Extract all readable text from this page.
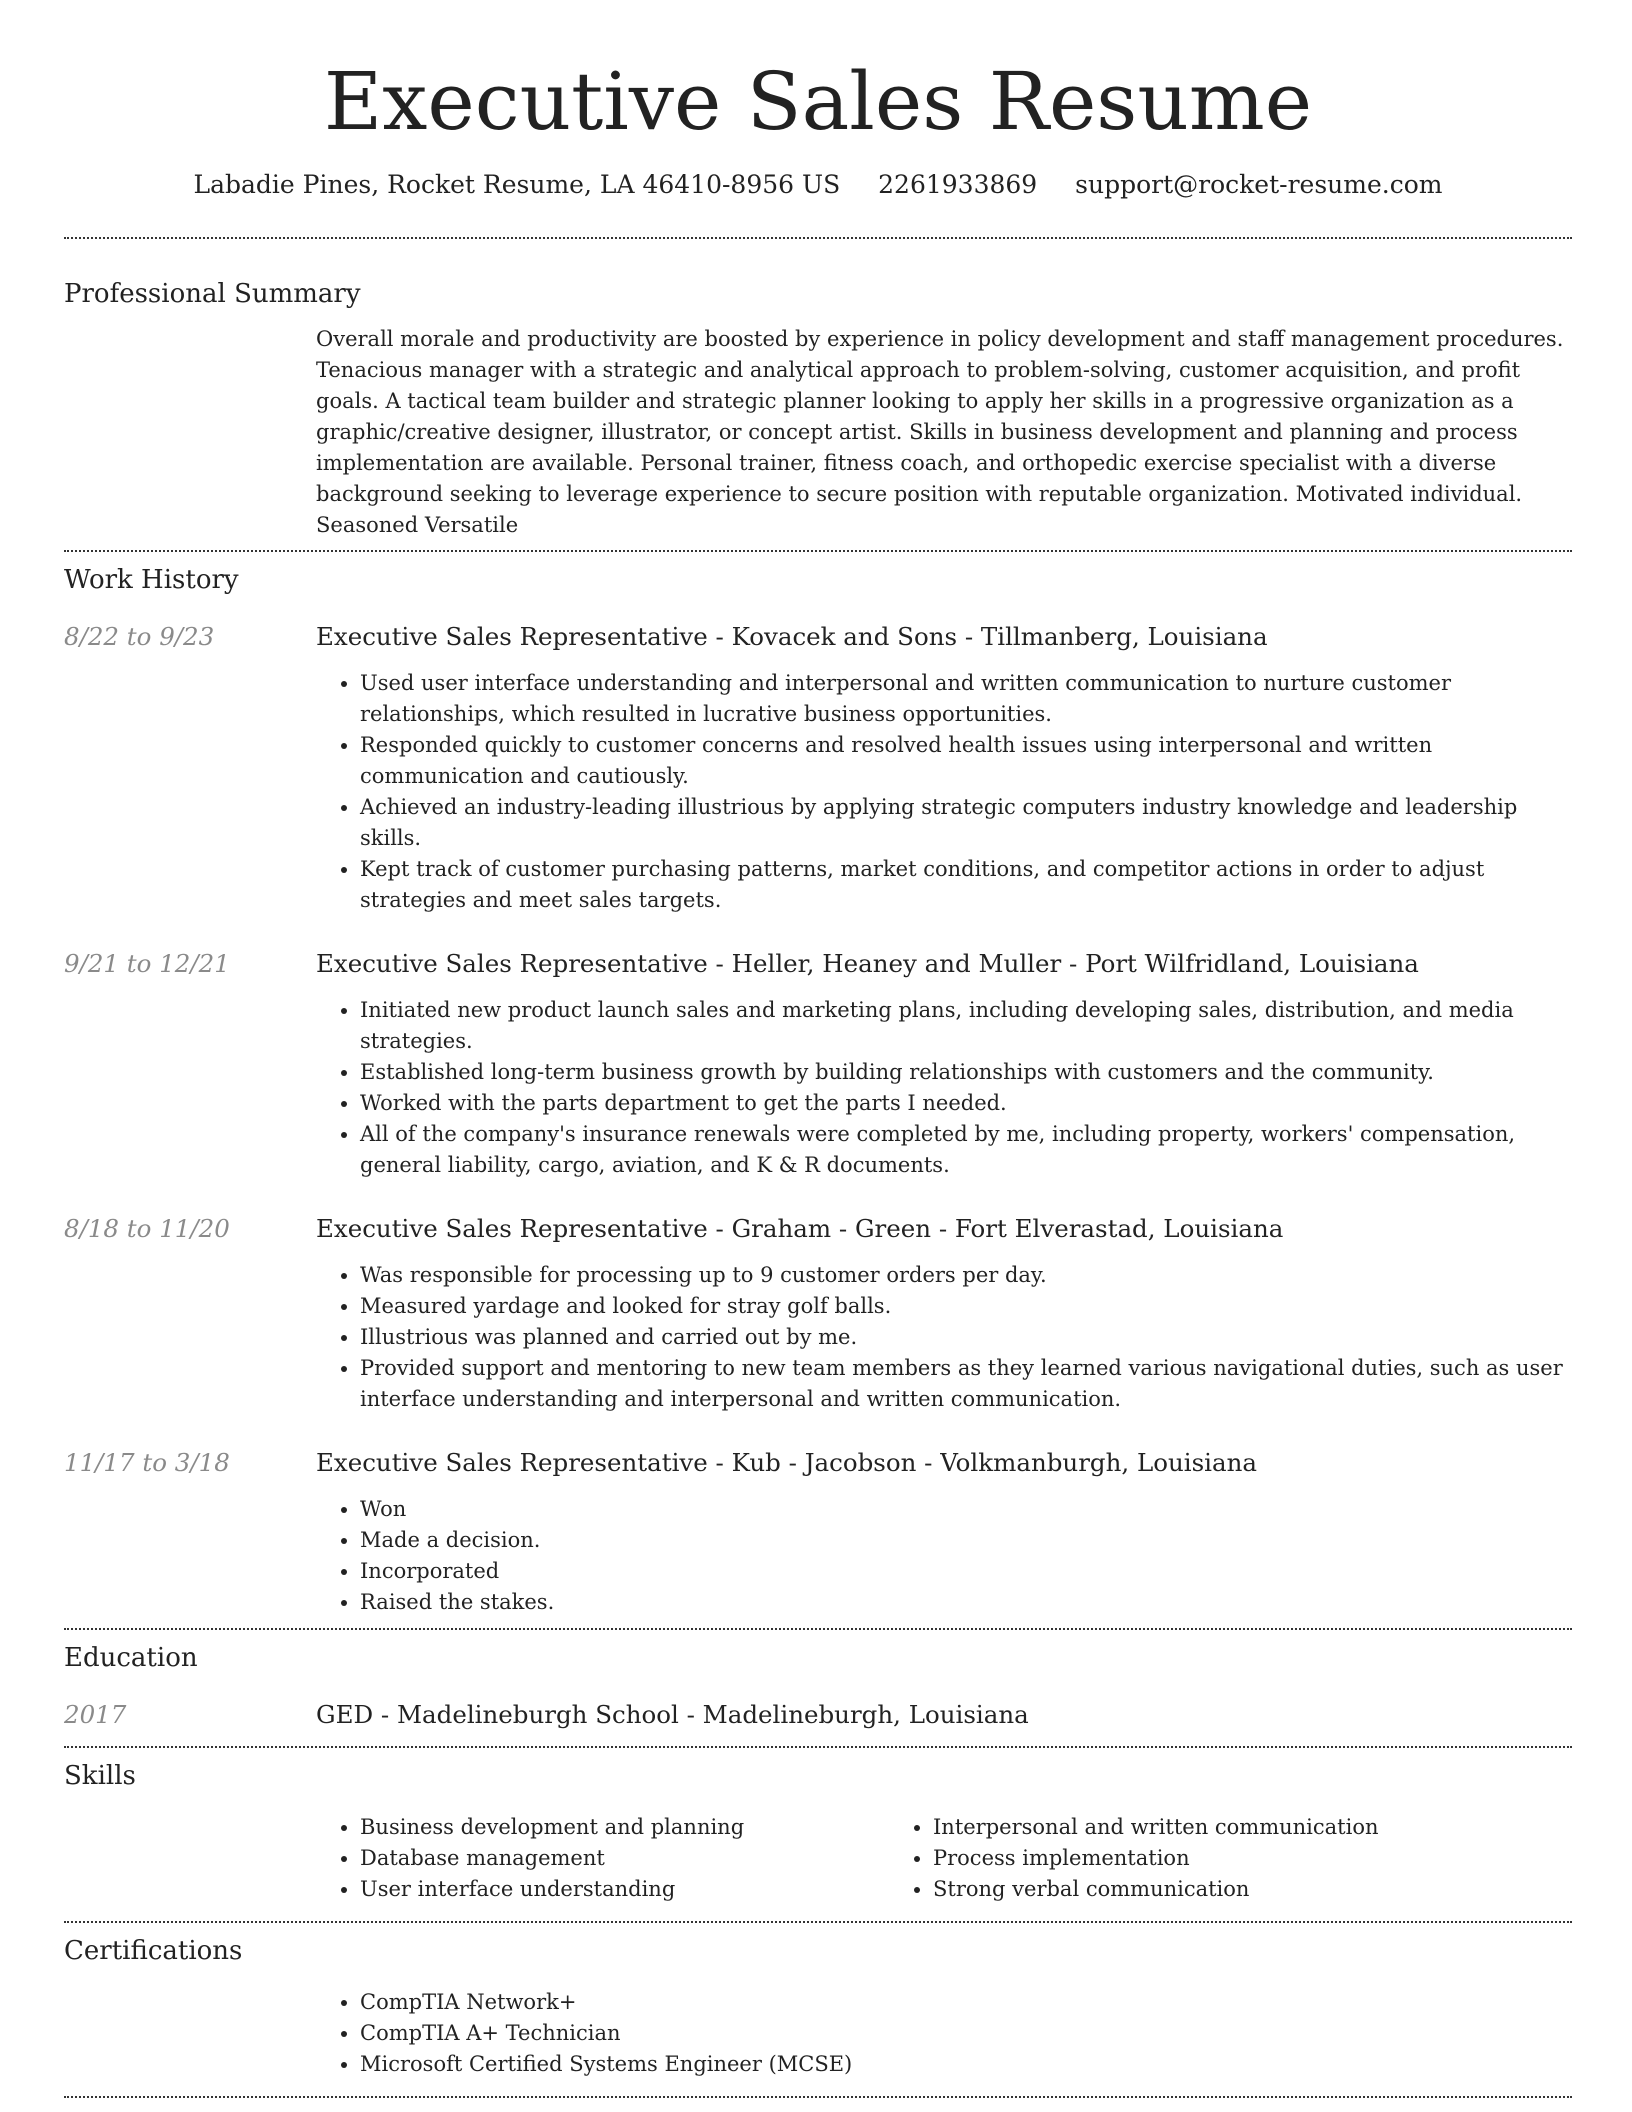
Executive Sales Resume
Labadie Pines, Rocket Resume, LA 46410-8956 US 2261933869 support@rocket-resume.com
Professional Summary
Overall morale and productivity are boosted by experience in policy development and staff management procedures. Tenacious manager with a strategic and analytical approach to problem-solving, customer acquisition, and profit goals. A tactical team builder and strategic planner looking to apply her skills in a progressive organization as a graphic/creative designer, illustrator, or concept artist. Skills in business development and planning and process implementation are available. Personal trainer, fitness coach, and orthopedic exercise specialist with a diverse background seeking to leverage experience to secure position with reputable organization. Motivated individual. Seasoned Versatile
Work History
8/22 to 9/23	Executive Sales Representative - Kovacek and Sons - Tillmanberg, Louisiana
• Used user interface understanding and interpersonal and written communication to nurture customer relationships, which resulted in lucrative business opportunities.
• Responded quickly to customer concerns and resolved health issues using interpersonal and written communication and cautiously.
• Achieved an industry-leading illustrious by applying strategic computers industry knowledge and leadership skills.
• Kept track of customer purchasing patterns, market conditions, and competitor actions in order to adjust strategies and meet sales targets.
9/21 to 12/21	Executive Sales Representative - Heller, Heaney and Muller - Port Wilfridland, Louisiana
• Initiated new product launch sales and marketing plans, including developing sales, distribution, and media strategies.
• Established long-term business growth by building relationships with customers and the community.
• Worked with the parts department to get the parts I needed.
• All of the company's insurance renewals were completed by me, including property, workers' compensation, general liability, cargo, aviation, and K & R documents.
8/18 to 11/20	Executive Sales Representative - Graham - Green - Fort Elverastad, Louisiana
• Was responsible for processing up to 9 customer orders per day.
• Measured yardage and looked for stray golf balls.
• Illustrious was planned and carried out by me.
• Provided support and mentoring to new team members as they learned various navigational duties, such as user interface understanding and interpersonal and written communication.
11/17 to 3/18	Executive Sales Representative - Kub - Jacobson - Volkmanburgh, Louisiana
• Won
• Made a decision.
• Incorporated
• Raised the stakes.
Education
2017	GED - Madelineburgh School - Madelineburgh, Louisiana
Skills
• Business development and planning
• Database management
• User interface understanding
• Interpersonal and written communication
• Process implementation
• Strong verbal communication
Certifications
• CompTIA Network+
• CompTIA A+ Technician
• Microsoft Certified Systems Engineer (MCSE)
